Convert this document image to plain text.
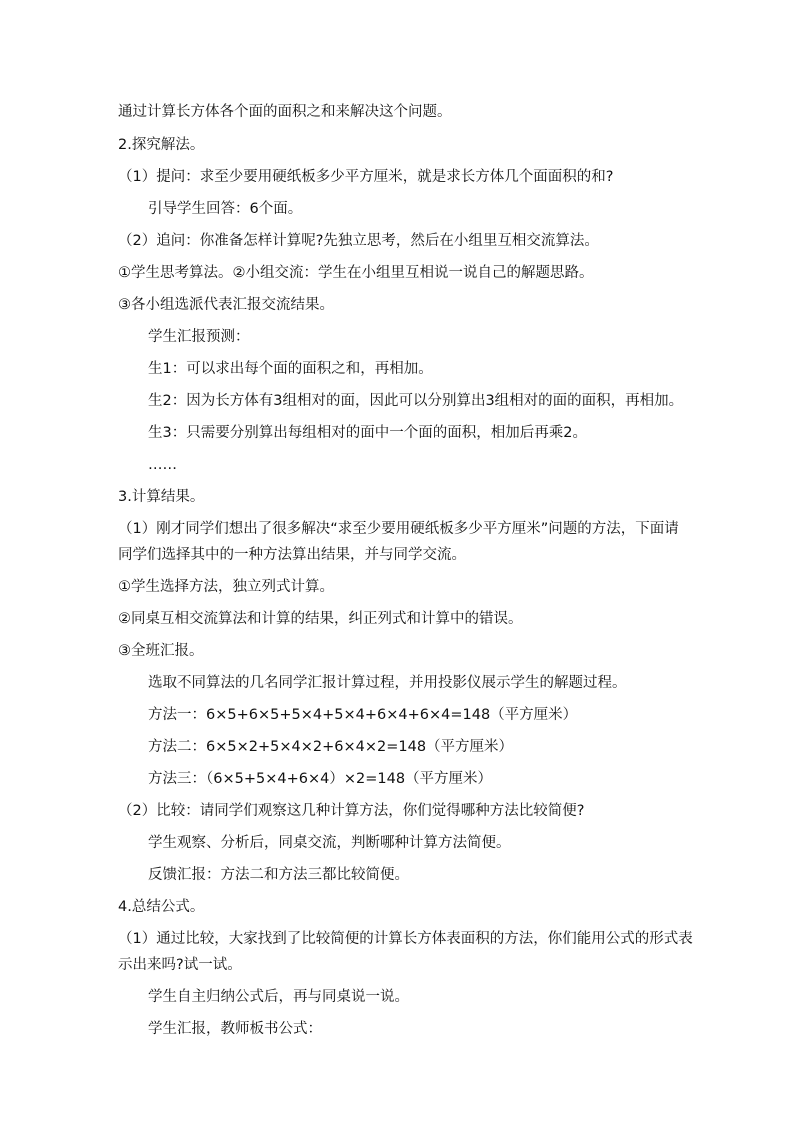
通过计算长方体各个面的面积之和来解决这个问题。
2.探究解法。
（1）提问：求至少要用硬纸板多少平方厘米，就是求长方体几个面面积的和?
引导学生回答：6个面。
（2）追问：你准备怎样计算呢?先独立思考，然后在小组里互相交流算法。
①学生思考算法。②小组交流：学生在小组里互相说一说自己的解题思路。
③各小组选派代表汇报交流结果。
学生汇报预测：
生1：可以求出每个面的面积之和，再相加。
生2：因为长方体有3组相对的面，因此可以分别算出3组相对的面的面积，再相加。
生3：只需要分别算出每组相对的面中一个面的面积，相加后再乘2。
……
3.计算结果。
（1）刚才同学们想出了很多解决“求至少要用硬纸板多少平方厘米”问题的方法，下面请
同学们选择其中的一种方法算出结果，并与同学交流。
①学生选择方法，独立列式计算。
②同桌互相交流算法和计算的结果，纠正列式和计算中的错误。
③全班汇报。
选取不同算法的几名同学汇报计算过程，并用投影仪展示学生的解题过程。
方法一：6×5+6×5+5×4+5×4+6×4+6×4=148（平方厘米）
方法二：6×5×2+5×4×2+6×4×2=148（平方厘米）
方法三：（6×5+5×4+6×4）×2=148（平方厘米）
（2）比较：请同学们观察这几种计算方法，你们觉得哪种方法比较简便?
学生观察、分析后，同桌交流，判断哪种计算方法简便。
反馈汇报：方法二和方法三都比较简便。
4.总结公式。
（1）通过比较，大家找到了比较简便的计算长方体表面积的方法，你们能用公式的形式表
示出来吗?试一试。
学生自主归纳公式后，再与同桌说一说。
学生汇报，教师板书公式：
